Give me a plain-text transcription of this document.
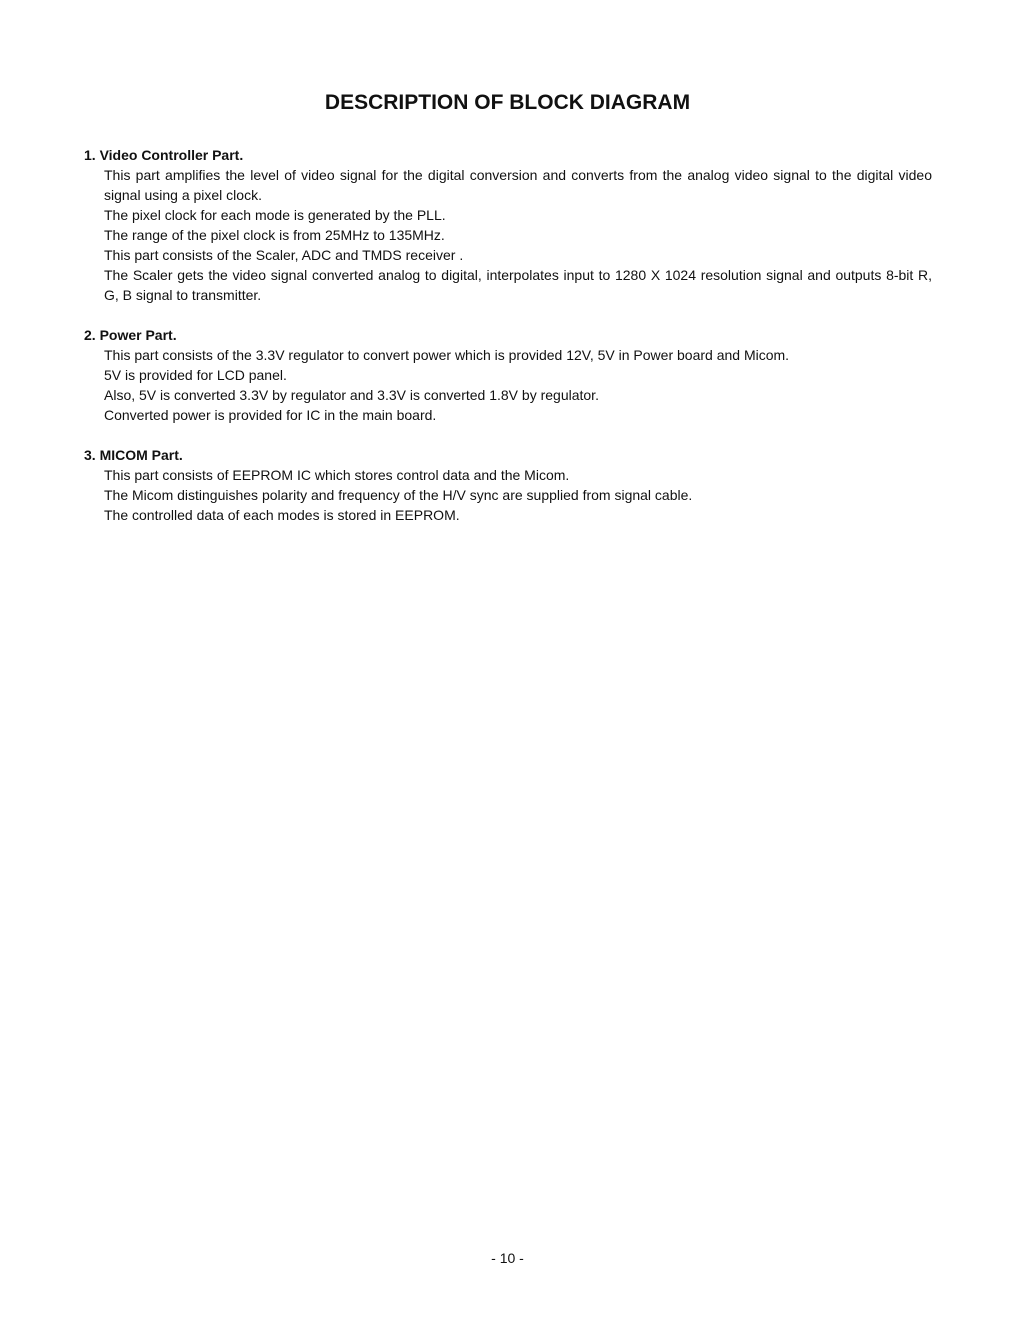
DESCRIPTION OF BLOCK DIAGRAM

1. Video Controller Part.

This part amplifies the level of video signal for the digital conversion and converts from the analog video signal to the digital video signal using a pixel clock.

The pixel clock for each mode is generated by the PLL.

The range of the pixel clock is from 25MHz to 135MHz.

This part consists of the Scaler, ADC and TMDS receiver .

The Scaler gets the video signal converted analog to digital, interpolates input to 1280 X 1024 resolution signal and outputs 8-bit R, G, B signal to transmitter.

2. Power Part.

This part consists of the 3.3V regulator to convert power which is provided 12V, 5V in Power board and Micom.

5V is provided for LCD panel.

Also, 5V is converted 3.3V by regulator and 3.3V is converted 1.8V by regulator.

Converted power is provided for IC in the main board.

3. MICOM Part.

This part consists of EEPROM IC which stores control data and the Micom.

The Micom distinguishes polarity and frequency of the H/V sync are supplied from signal cable.

The controlled data of each modes is stored in EEPROM.

- 10 -
